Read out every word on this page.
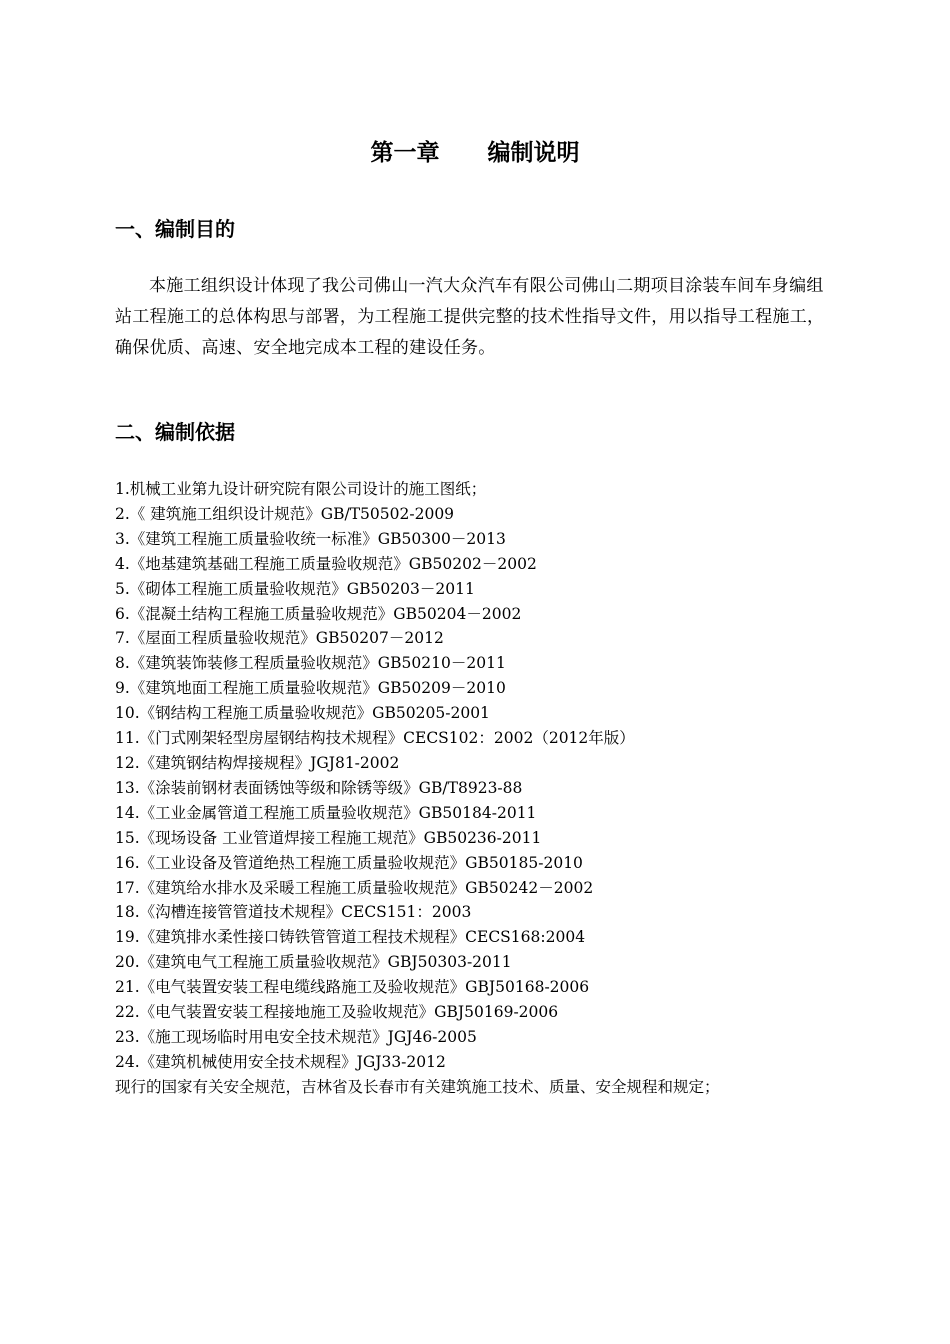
第一章      编制说明
一、编制目的

本施工组织设计体现了我公司佛山一汽大众汽车有限公司佛山二期项目涂装车间车身编组站工程施工的总体构思与部署，为工程施工提供完整的技术性指导文件，用以指导工程施工，确保优质、高速、安全地完成本工程的建设任务。

二、编制依据
1.机械工业第九设计研究院有限公司设计的施工图纸；
2.《 建筑施工组织设计规范》GB/T50502-2009
3.《建筑工程施工质量验收统一标准》GB50300－2013
4.《地基建筑基础工程施工质量验收规范》GB50202－2002
5.《砌体工程施工质量验收规范》GB50203－2011
6.《混凝土结构工程施工质量验收规范》GB50204－2002
7.《屋面工程质量验收规范》GB50207－2012
8.《建筑装饰装修工程质量验收规范》GB50210－2011
9.《建筑地面工程施工质量验收规范》GB50209－2010
10.《钢结构工程施工质量验收规范》GB50205-2001
11.《门式刚架轻型房屋钢结构技术规程》CECS102：2002（2012年版）
12.《建筑钢结构焊接规程》JGJ81-2002
13.《涂装前钢材表面锈蚀等级和除锈等级》GB/T8923-88
14.《工业金属管道工程施工质量验收规范》GB50184-2011
15.《现场设备 工业管道焊接工程施工规范》GB50236-2011
16.《工业设备及管道绝热工程施工质量验收规范》GB50185-2010
17.《建筑给水排水及采暖工程施工质量验收规范》GB50242－2002
18.《沟槽连接管管道技术规程》CECS151：2003
19.《建筑排水柔性接口铸铁管管道工程技术规程》CECS168:2004
20.《建筑电气工程施工质量验收规范》GBJ50303-2011
21.《电气装置安装工程电缆线路施工及验收规范》GBJ50168-2006
22.《电气装置安装工程接地施工及验收规范》GBJ50169-2006
23.《施工现场临时用电安全技术规范》JGJ46-2005
24.《建筑机械使用安全技术规程》JGJ33-2012

现行的国家有关安全规范，吉林省及长春市有关建筑施工技术、质量、安全规程和规定；
